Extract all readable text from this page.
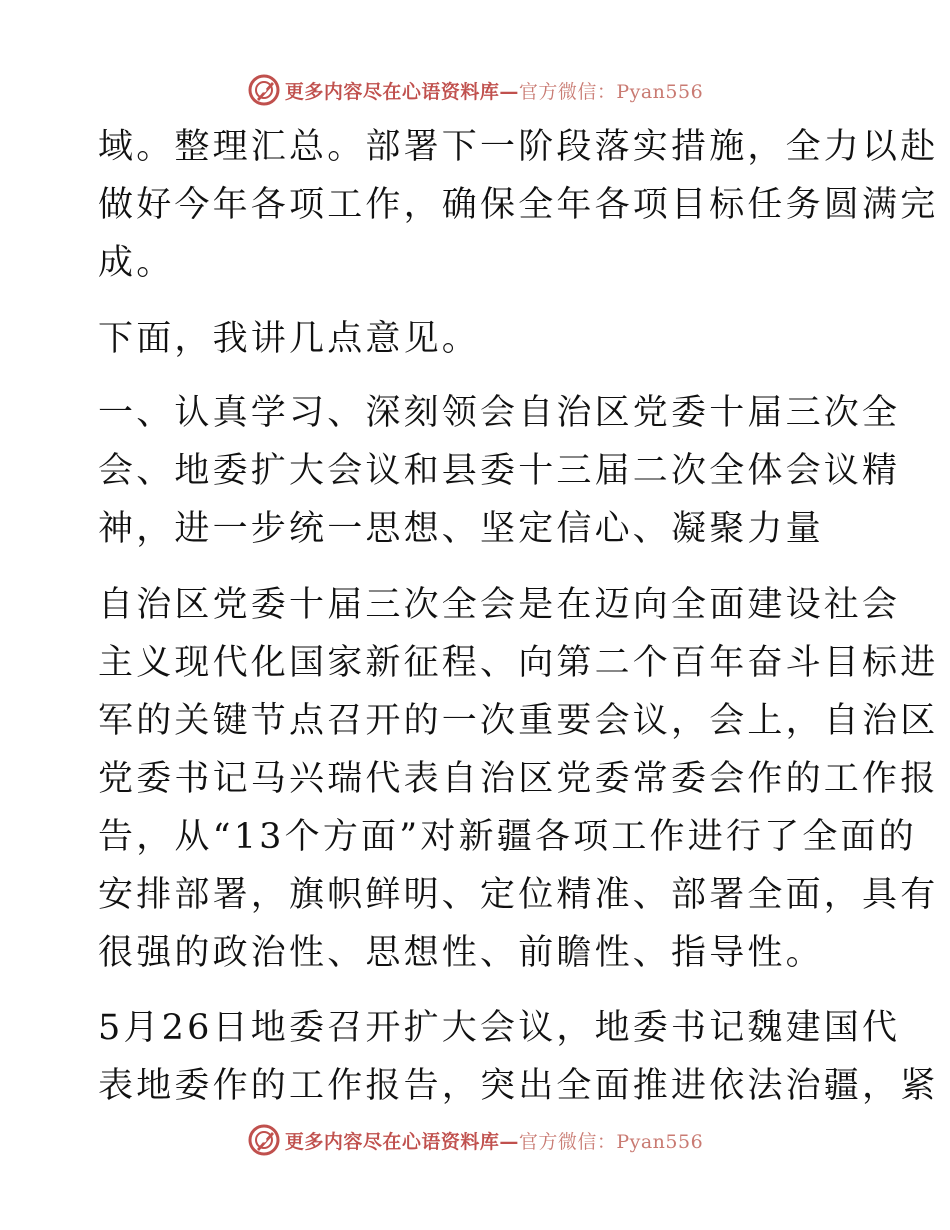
更多内容尽在心语资料库— 官方微信：Pyan556
域。整理汇总。部署下一阶段落实措施，全力以赴
做好今年各项工作，确保全年各项目标任务圆满完
成。
下面，我讲几点意见。
一、认真学习、深刻领会自治区党委十届三次全
会、地委扩大会议和县委十三届二次全体会议精
神，进一步统一思想、坚定信心、凝聚力量
自治区党委十届三次全会是在迈向全面建设社会
主义现代化国家新征程、向第二个百年奋斗目标进
军的关键节点召开的一次重要会议，会上，自治区
党委书记马兴瑞代表自治区党委常委会作的工作报
告，从“13个方面”对新疆各项工作进行了全面的
安排部署，旗帜鲜明、定位精准、部署全面，具有
很强的政治性、思想性、前瞻性、指导性。
5月26日地委召开扩大会议，地委书记魏建国代
表地委作的工作报告，突出全面推进依法治疆，紧
更多内容尽在心语资料库— 官方微信：Pyan556
